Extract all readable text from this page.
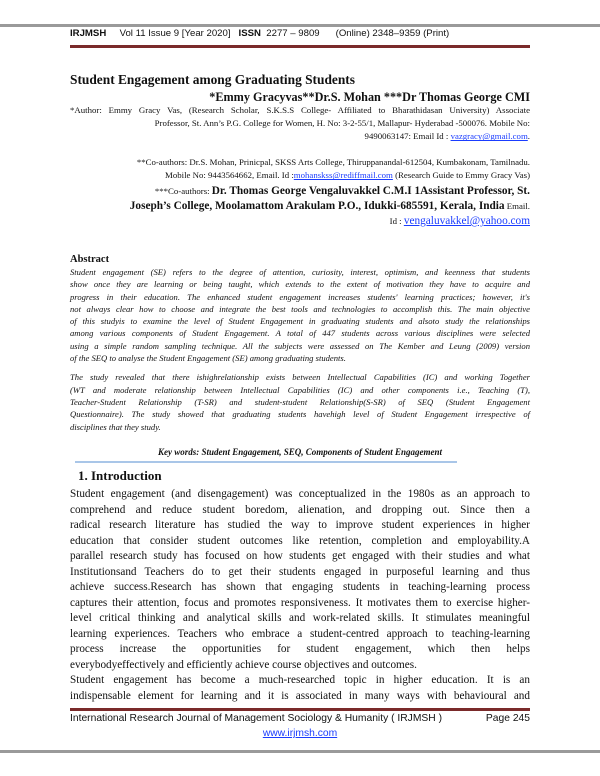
IRJMSH Vol 11 Issue 9 [Year 2020] ISSN 2277 – 9809 (Online) 2348–9359 (Print)
Student Engagement among Graduating Students
*Emmy Gracyvas**Dr.S. Mohan ***Dr Thomas George CMI
*Author: Emmy Gracy Vas, (Research Scholar, S.K.S.S College- Affiliated to Bharathidasan University) Associate
Professor, St. Ann’s P.G. College for Women, H. No: 3-2-55/1, Mallapur- Hyderabad -500076. Mobile No:
9490063147: Email Id : vazgracy@gmail.com.
**Co-authors: Dr.S. Mohan, Prinicpal, SKSS Arts College, Thiruppanandal-612504, Kumbakonam, Tamilnadu.
Mobile No: 9443564662, Email. Id :mohanskss@rediffmail.com (Research Guide to Emmy Gracy Vas)
***Co-authors: Dr. Thomas George Vengaluvakkel C.M.I 1Assistant Professor, St.
Joseph’s College, Moolamattom Arakulam P.O., Idukki-685591, Kerala, India Email.
Id : vengaluvakkel@yahoo.com
Abstract
Student engagement (SE) refers to the degree of attention, curiosity, interest, optimism, and keenness that students
show once they are learning or being taught, which extends to the extent of motivation they have to acquire and
progress in their education. The enhanced student engagement increases students' learning practices; however, it's
not always clear how to choose and integrate the best tools and technologies to accomplish this. The main objective
of this studyis to examine the level of Student Engagement in graduating students and alsoto study the relationships
among various components of Student Engagement. A total of 447 students across various disciplines were selected
using a simple random sampling technique. All the subjects were assessed on The Kember and Leung (2009) version
of the SEQ to analyse the Student Engagement (SE) among graduating students.
The study revealed that there ishighrelationship exists between Intellectual Capabilities (IC) and working Together
(WT and moderate relationship between Intellectual Capabilities (IC) and other components i.e., Teaching (T),
Teacher-Student Relationship (T-SR) and student-student Relationship(S-SR) of SEQ (Student Engagement
Questionnaire). The study showed that graduating students havehigh level of Student Engagement irrespective of
disciplines that they study.
Key words: Student Engagement, SEQ, Components of Student Engagement
1. Introduction
Student engagement (and disengagement) was conceptualized in the 1980s as an approach to
comprehend and reduce student boredom, alienation, and dropping out. Since then a
radical research literature has studied the way to improve student experiences in higher
education that consider student outcomes like retention, completion and employability.A
parallel research study has focused on how students get engaged with their studies and what
Institutionsand Teachers do to get their students engaged in purposeful learning and thus
achieve success.Research has shown that engaging students in teaching-learning process
captures their attention, focus and promotes responsiveness. It motivates them to exercise higher-
level critical thinking and analytical skills and work-related skills. It stimulates meaningful
learning experiences. Teachers who embrace a student-centred approach to teaching-learning
process increase the opportunities for student engagement, which then helps
everybodyeffectively and efficiently achieve course objectives and outcomes.
Student engagement has become a much-researched topic in higher education. It is an
indispensable element for learning and it is associated in many ways with behavioural and
International Research Journal of Management Sociology & Humanity ( IRJMSH )	Page 245
www.irjmsh.com
